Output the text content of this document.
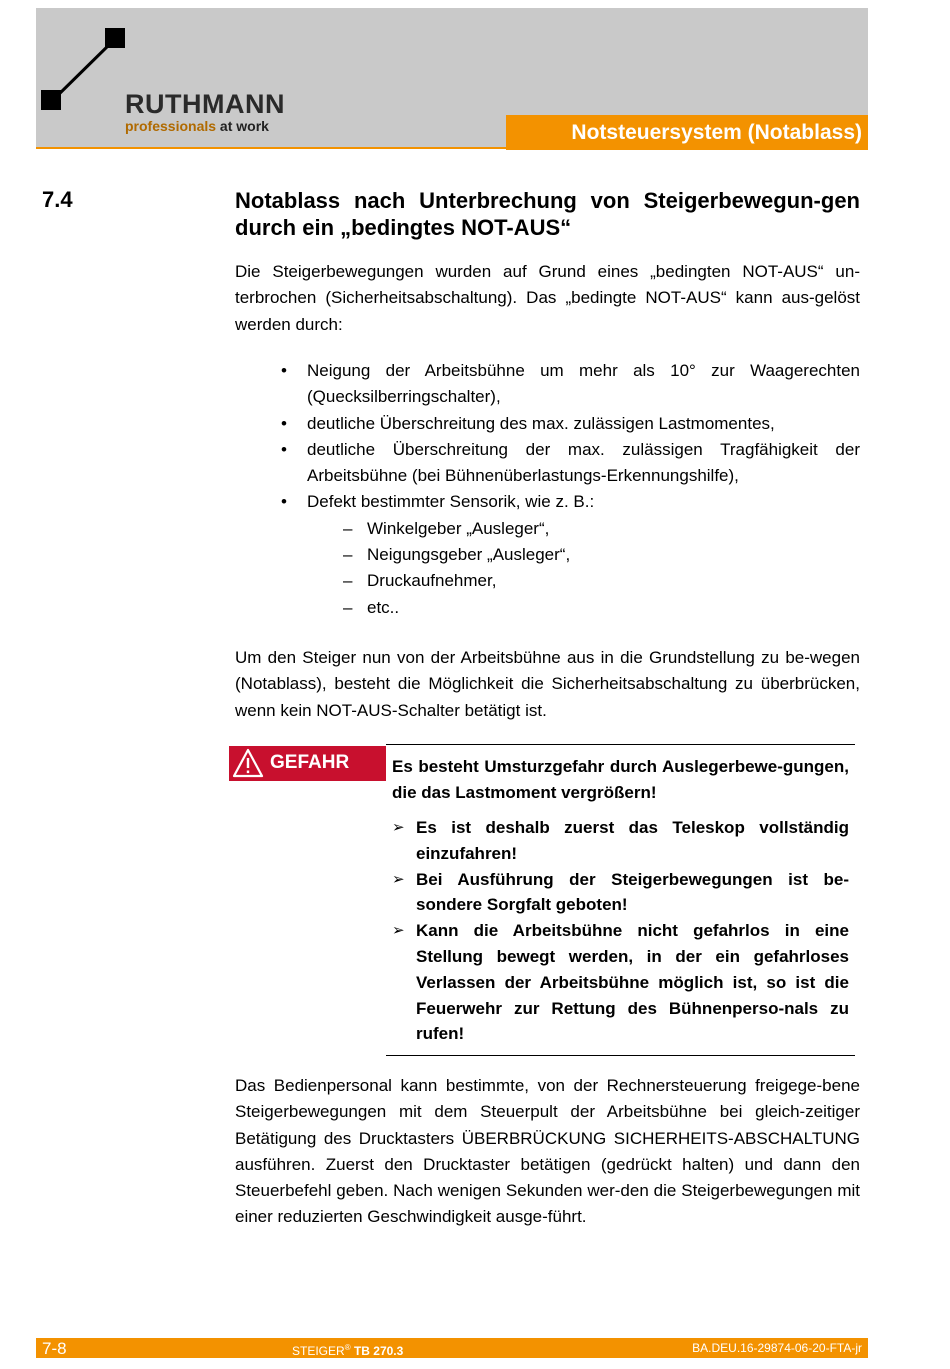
RUTHMANN
professionals at work	Notsteuersystem (Notablass)
7.4	Notablass nach Unterbrechung von Steigerbewegun-gen durch ein „bedingtes NOT-AUS“
Die Steigerbewegungen wurden auf Grund eines „bedingten NOT-AUS“ un-terbrochen (Sicherheitsabschaltung). Das „bedingte NOT-AUS“ kann aus-gelöst werden durch:
• Neigung der Arbeitsbühne um mehr als 10° zur Waagerechten (Quecksilberringschalter),
• deutliche Überschreitung des max. zulässigen Lastmomentes,
• deutliche Überschreitung der max. zulässigen Tragfähigkeit der Arbeitsbühne (bei Bühnenüberlastungs-Erkennungshilfe),
• Defekt bestimmter Sensorik, wie z. B.:
– Winkelgeber „Ausleger“,
– Neigungsgeber „Ausleger“,
– Druckaufnehmer,
– etc..
Um den Steiger nun von der Arbeitsbühne aus in die Grundstellung zu be-wegen (Notablass), besteht die Möglichkeit die Sicherheitsabschaltung zu überbrücken, wenn kein NOT-AUS-Schalter betätigt ist.
GEFAHR	Es besteht Umsturzgefahr durch Auslegerbewe-gungen, die das Lastmoment vergrößern!
➢ Es ist deshalb zuerst das Teleskop vollständig einzufahren!
➢ Bei Ausführung der Steigerbewegungen ist be-sondere Sorgfalt geboten!
➢ Kann die Arbeitsbühne nicht gefahrlos in eine Stellung bewegt werden, in der ein gefahrloses Verlassen der Arbeitsbühne möglich ist, so ist die Feuerwehr zur Rettung des Bühnenperso-nals zu rufen!
Das Bedienpersonal kann bestimmte, von der Rechnersteuerung freigege-bene Steigerbewegungen mit dem Steuerpult der Arbeitsbühne bei gleich-zeitiger Betätigung des Drucktasters ÜBERBRÜCKUNG SICHERHEITS-ABSCHALTUNG ausführen. Zuerst den Drucktaster betätigen (gedrückt halten) und dann den Steuerbefehl geben. Nach wenigen Sekunden wer-den die Steigerbewegungen mit einer reduzierten Geschwindigkeit ausge-führt.
7-8	STEIGER® TB 270.3	BA.DEU.16-29874-06-20-FTA-jr
